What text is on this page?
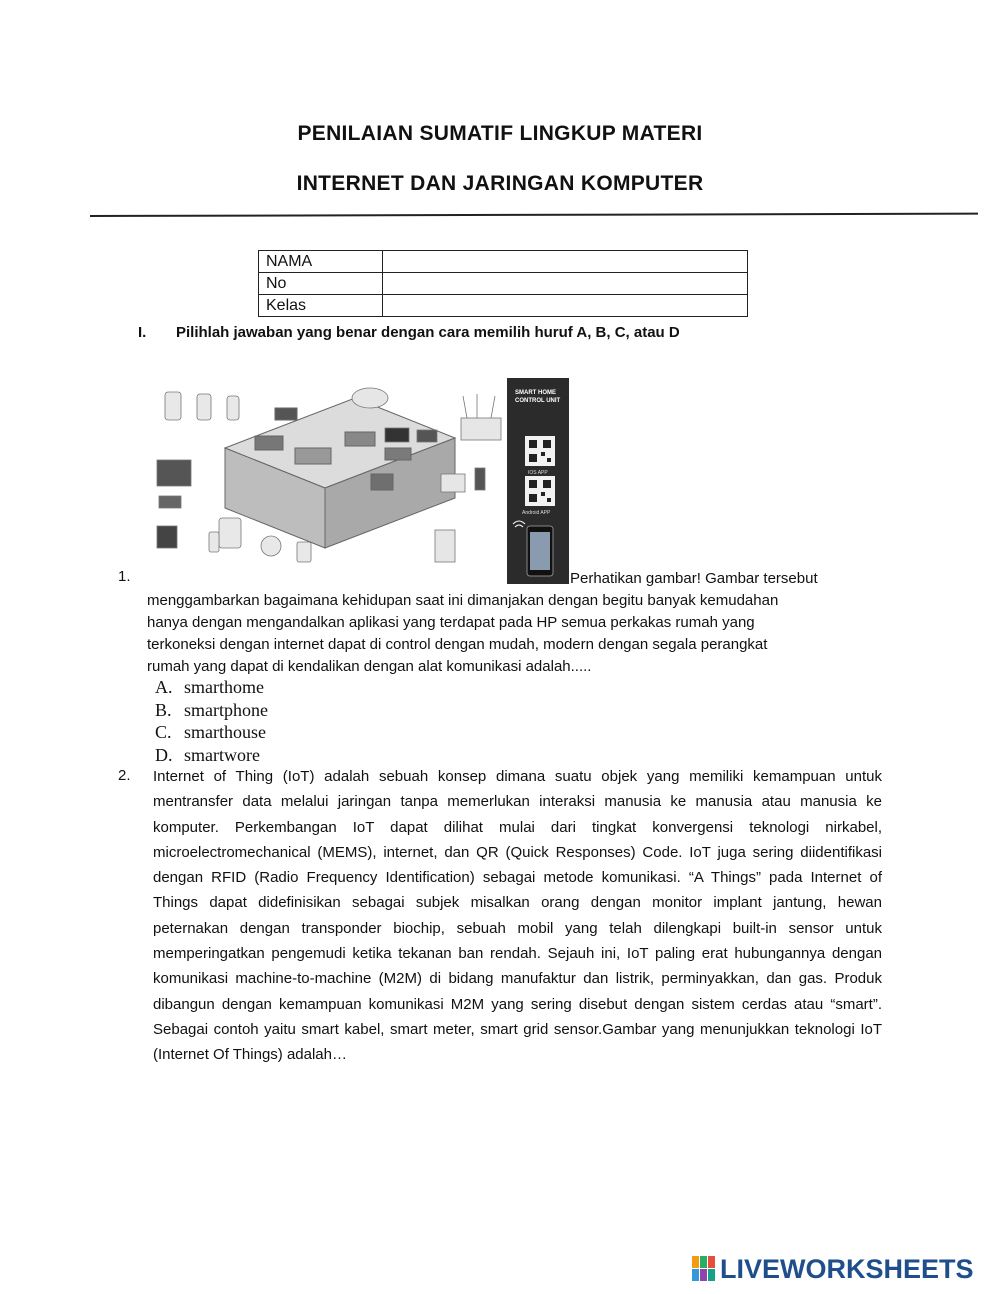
PENILAIAN SUMATIF LINGKUP MATERI
INTERNET DAN JARINGAN KOMPUTER
NAMA	
No	
Kelas	
I. Pilihlah jawaban yang benar dengan cara memilih huruf A, B, C, atau D
SMART HOME
CONTROL UNIT
IOS APP
Android APP
1.	Perhatikan gambar! Gambar tersebut
menggambarkan bagaimana kehidupan saat ini dimanjakan dengan begitu banyak kemudahan
hanya dengan mengandalkan aplikasi yang terdapat pada HP semua perkakas rumah yang
terkoneksi dengan internet dapat di control dengan mudah, modern dengan segala perangkat
rumah yang dapat di kendalikan dengan alat komunikasi adalah.....
A. smarthome
B. smartphone
C. smarthouse
D. smartwore
2. Internet of Thing (IoT) adalah sebuah konsep dimana suatu objek yang memiliki kemampuan untuk mentransfer data melalui jaringan tanpa memerlukan interaksi manusia ke manusia atau manusia ke komputer. Perkembangan IoT dapat dilihat mulai dari tingkat konvergensi teknologi nirkabel, microelectromechanical (MEMS), internet, dan QR (Quick Responses) Code. IoT juga sering diidentifikasi dengan RFID (Radio Frequency Identification) sebagai metode komunikasi. “A Things” pada Internet of Things dapat didefinisikan sebagai subjek misalkan orang dengan monitor implant jantung, hewan peternakan dengan transponder biochip, sebuah mobil yang telah dilengkapi built-in sensor untuk memperingatkan pengemudi ketika tekanan ban rendah. Sejauh ini, IoT paling erat hubungannya dengan komunikasi machine-to-machine (M2M) di bidang manufaktur dan listrik, perminyakkan, dan gas. Produk dibangun dengan kemampuan komunikasi M2M yang sering disebut dengan sistem cerdas atau “smart”. Sebagai contoh yaitu smart kabel, smart meter, smart grid sensor.Gambar yang menunjukkan teknologi IoT (Internet Of Things) adalah…
LIVEWORKSHEETS
